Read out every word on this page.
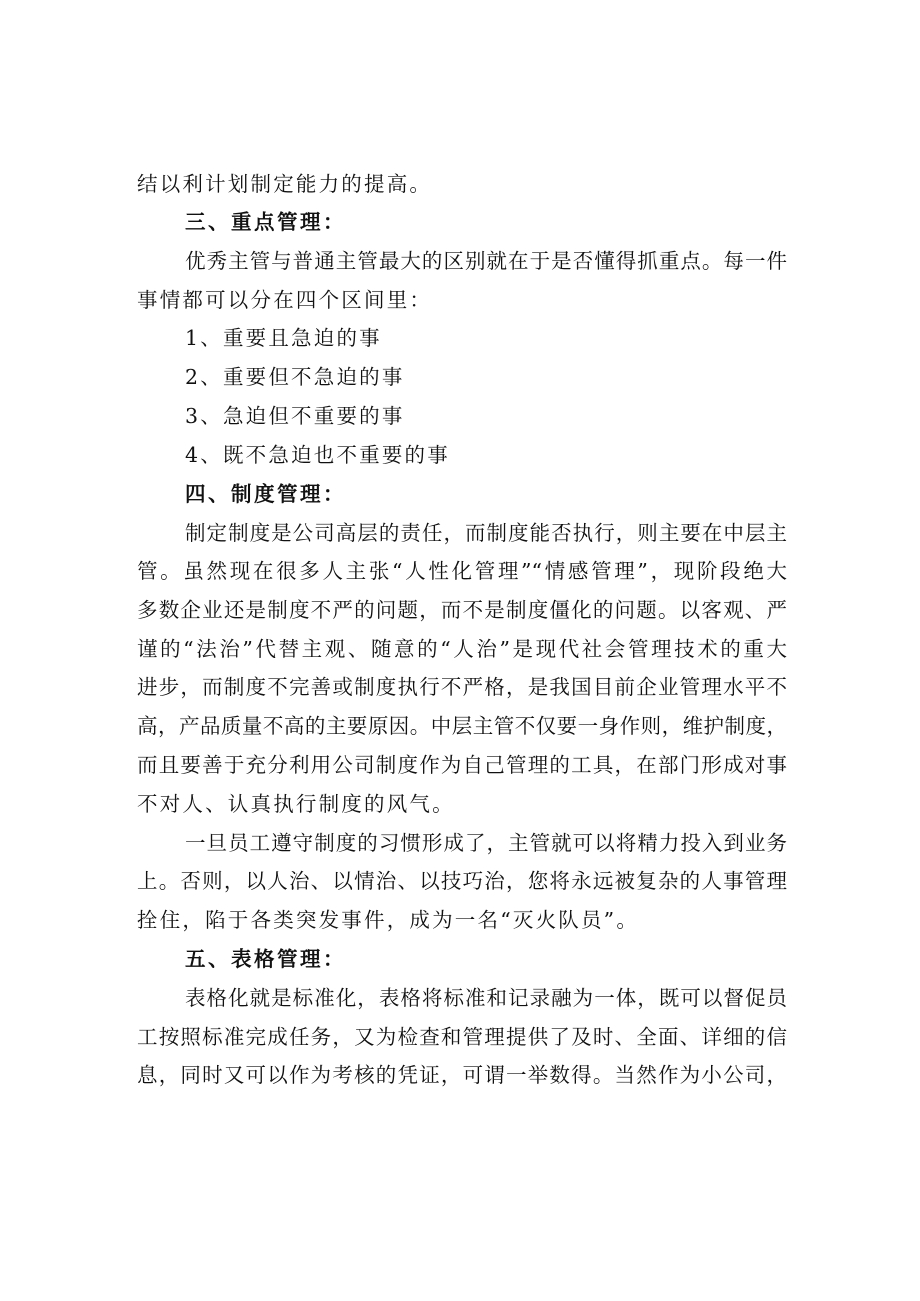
结以利计划制定能力的提高。
三、重点管理：
优秀主管与普通主管最大的区别就在于是否懂得抓重点。每一件
事情都可以分在四个区间里：
1、重要且急迫的事
2、重要但不急迫的事
3、急迫但不重要的事
4、既不急迫也不重要的事
四、制度管理：
制定制度是公司高层的责任，而制度能否执行，则主要在中层主
管。虽然现在很多人主张“人性化管理”“情感管理”，现阶段绝大
多数企业还是制度不严的问题，而不是制度僵化的问题。以客观、严
谨的“法治”代替主观、随意的“人治”是现代社会管理技术的重大
进步，而制度不完善或制度执行不严格，是我国目前企业管理水平不
高，产品质量不高的主要原因。中层主管不仅要一身作则，维护制度，
而且要善于充分利用公司制度作为自己管理的工具，在部门形成对事
不对人、认真执行制度的风气。
一旦员工遵守制度的习惯形成了，主管就可以将精力投入到业务
上。否则，以人治、以情治、以技巧治，您将永远被复杂的人事管理
拴住，陷于各类突发事件，成为一名“灭火队员”。
五、表格管理：
表格化就是标准化，表格将标准和记录融为一体，既可以督促员
工按照标准完成任务，又为检查和管理提供了及时、全面、详细的信
息，同时又可以作为考核的凭证，可谓一举数得。当然作为小公司，
